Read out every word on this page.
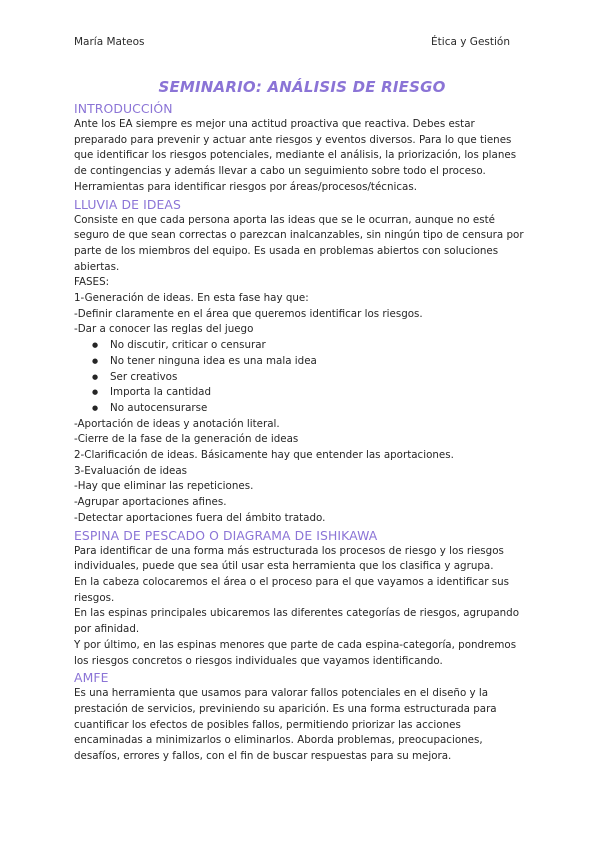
María Mateos	Ética y Gestión
SEMINARIO: ANÁLISIS DE RIESGO
INTRODUCCIÓN

Ante los EA siempre es mejor una actitud proactiva que reactiva. Debes estar preparado para prevenir y actuar ante riesgos y eventos diversos. Para lo que tienes que identificar los riesgos potenciales, mediante el análisis, la priorización, los planes de contingencias y además llevar a cabo un seguimiento sobre todo el proceso. Herramientas para identificar riesgos por áreas/procesos/técnicas.

LLUVIA DE IDEAS

Consiste en que cada persona aporta las ideas que se le ocurran, aunque no esté seguro de que sean correctas o parezcan inalcanzables, sin ningún tipo de censura por parte de los miembros del equipo. Es usada en problemas abiertos con soluciones abiertas.

FASES:

1-Generación de ideas. En esta fase hay que:

-Definir claramente en el área que queremos identificar los riesgos.

-Dar a conocer las reglas del juego

● No discutir, criticar o censurar
● No tener ninguna idea es una mala idea
● Ser creativos
● Importa la cantidad
● No autocensurarse

-Aportación de ideas y anotación literal.

-Cierre de la fase de la generación de ideas

2-Clarificación de ideas. Básicamente hay que entender las aportaciones.

3-Evaluación de ideas

-Hay que eliminar las repeticiones.

-Agrupar aportaciones afines.

-Detectar aportaciones fuera del ámbito tratado.

ESPINA DE PESCADO O DIAGRAMA DE ISHIKAWA

Para identificar de una forma más estructurada los procesos de riesgo y los riesgos individuales, puede que sea útil usar esta herramienta que los clasifica y agrupa.

En la cabeza colocaremos el área o el proceso para el que vayamos a identificar sus riesgos.

En las espinas principales ubicaremos las diferentes categorías de riesgos, agrupando por afinidad.

Y por último, en las espinas menores que parte de cada espina-categoría, pondremos los riesgos concretos o riesgos individuales que vayamos identificando.

AMFE

Es una herramienta que usamos para valorar fallos potenciales en el diseño y la prestación de servicios, previniendo su aparición. Es una forma estructurada para cuantificar los efectos de posibles fallos, permitiendo priorizar las acciones encaminadas a minimizarlos o eliminarlos. Aborda problemas, preocupaciones, desafíos, errores y fallos, con el fin de buscar respuestas para su mejora.
